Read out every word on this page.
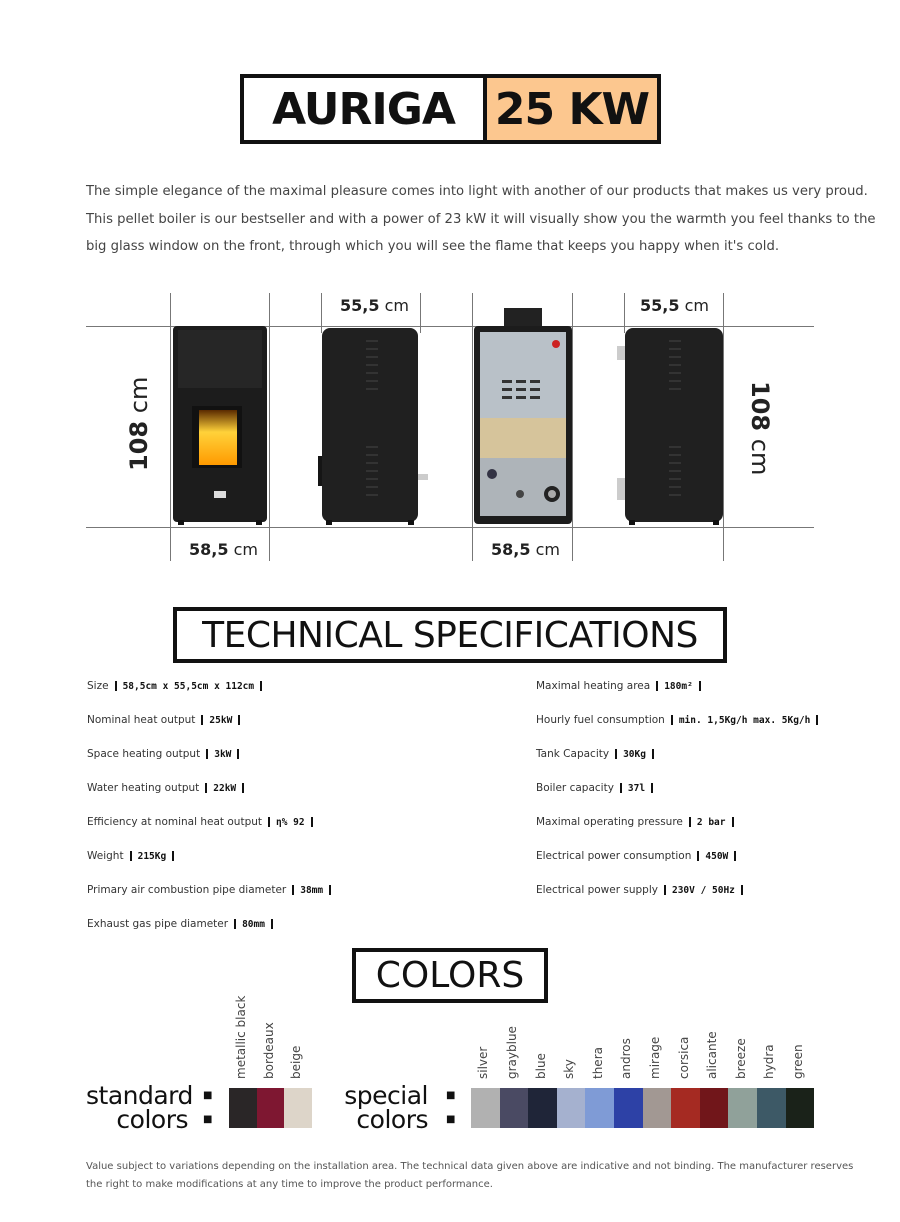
AURIGA 25 KW

The simple elegance of the maximal pleasure comes into light with another of our products that makes us very proud.

This pellet boiler is our bestseller and with a power of 23 kW it will visually show you the warmth you feel thanks to the

big glass window on the front, through which you will see the flame that keeps you happy when it's cold.

55,5 cm	55,5 cm
58,5 cm	58,5 cm
108 cm	108 cm
TECHNICAL SPECIFICATIONS
Size 58,5cm x 55,5cm x 112cm
Nominal heat output 25kW
Space heating output 3kW
Water heating output 22kW
Efficiency at nominal heat output η% 92
Weight 215Kg
Primary air combustion pipe diameter 38mm
Exhaust gas pipe diameter 80mm
Maximal heating area 180m²
Hourly fuel consumption min. 1,5Kg/h max. 5Kg/h
Tank Capacity 30Kg
Boiler capacity 37l
Maximal operating pressure 2 bar
Electrical power consumption 450W
Electrical power supply 230V / 50Hz
COLORS
standard
colors
■
■
special
colors
■
■
metallic black bordeaux beige	silver grayblue blue sky thera andros mirage corsica alicante breeze hydra green

Value subject to variations depending on the installation area. The technical data given above are indicative and not binding. The manufacturer reserves

the right to make modifications at any time to improve the product performance.
